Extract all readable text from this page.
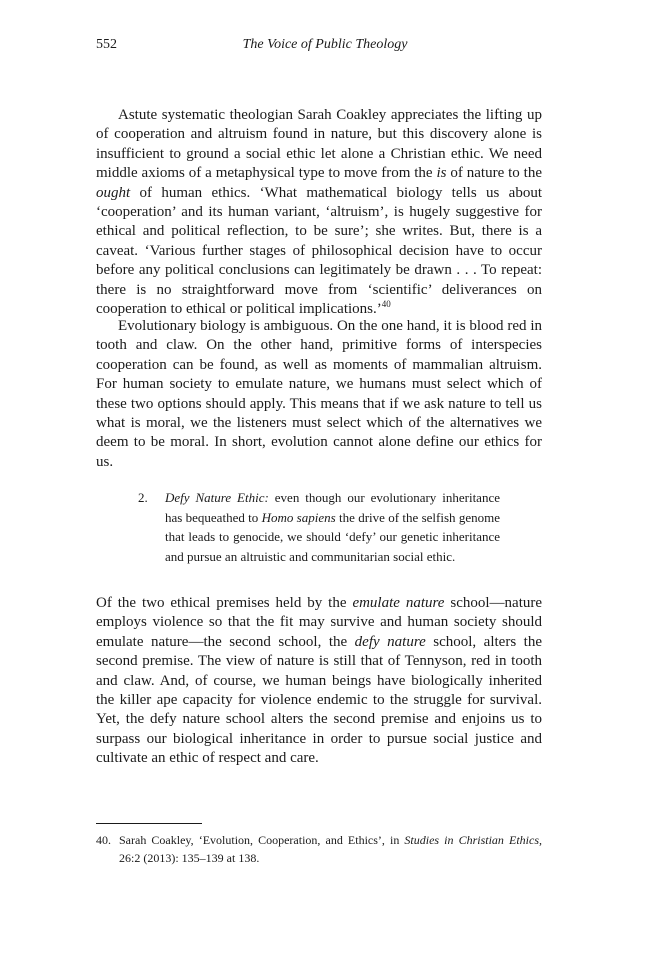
552	The Voice of Public Theology

Astute systematic theologian Sarah Coakley appreciates the lifting up of cooperation and altruism found in nature, but this discovery alone is insufficient to ground a social ethic let alone a Christian ethic. We need middle axioms of a metaphysical type to move from the is of nature to the ought of human ethics. ‘What mathematical biology tells us about ‘cooperation’ and its human variant, ‘altruism’, is hugely suggestive for ethical and political reflection, to be sure’; she writes. But, there is a caveat. ‘Various further stages of philosophical decision have to occur before any political conclusions can legitimately be drawn . . . To repeat: there is no straightforward move from ‘scientific’ deliverances on cooperation to ethical or political implications.’$^{40}$

Evolutionary biology is ambiguous. On the one hand, it is blood red in tooth and claw. On the other hand, primitive forms of interspecies cooperation can be found, as well as moments of mammalian altruism. For human society to emulate nature, we humans must select which of these two options should apply. This means that if we ask nature to tell us what is moral, we the listeners must select which of the alternatives we deem to be moral. In short, evolution cannot alone define our ethics for us.

2. Defy Nature Ethic: even though our evolutionary inheritance has bequeathed to Homo sapiens the drive of the selfish genome that leads to genocide, we should ‘defy’ our genetic inheritance and pursue an altruistic and communitarian social ethic.

Of the two ethical premises held by the emulate nature school—nature employs violence so that the fit may survive and human society should emulate nature—the second school, the defy nature school, alters the second premise. The view of nature is still that of Tennyson, red in tooth and claw. And, of course, we human beings have biologically inherited the killer ape capacity for violence endemic to the struggle for survival. Yet, the defy nature school alters the second premise and enjoins us to surpass our biological inheritance in order to pursue social justice and cultivate an ethic of respect and care.

40. Sarah Coakley, ‘Evolution, Cooperation, and Ethics’, in Studies in Christian Ethics, 26:2 (2013): 135–139 at 138.
